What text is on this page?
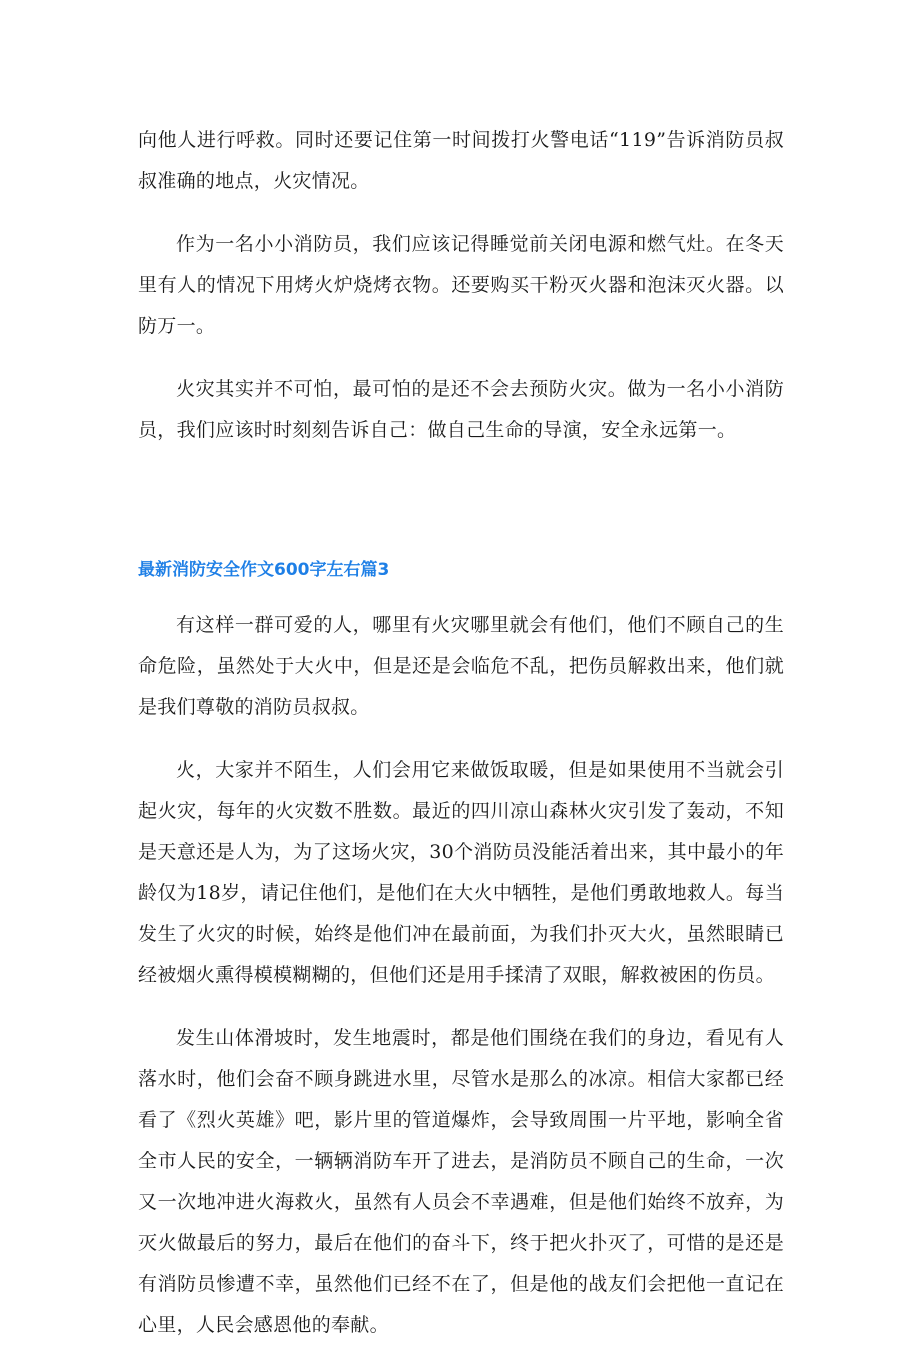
向他人进行呼救。同时还要记住第一时间拨打火警电话“119”告诉消防员叔叔准确的地点，火灾情况。

作为一名小小消防员，我们应该记得睡觉前关闭电源和燃气灶。在冬天里有人的情况下用烤火炉烧烤衣物。还要购买干粉灭火器和泡沫灭火器。以防万一。

火灾其实并不可怕，最可怕的是还不会去预防火灾。做为一名小小消防员，我们应该时时刻刻告诉自己：做自己生命的导演，安全永远第一。

最新消防安全作文600字左右篇3

有这样一群可爱的人，哪里有火灾哪里就会有他们，他们不顾自己的生命危险，虽然处于大火中，但是还是会临危不乱，把伤员解救出来，他们就是我们尊敬的消防员叔叔。

火，大家并不陌生，人们会用它来做饭取暖，但是如果使用不当就会引起火灾，每年的火灾数不胜数。最近的四川凉山森林火灾引发了轰动，不知是天意还是人为，为了这场火灾，30个消防员没能活着出来，其中最小的年龄仅为18岁，请记住他们，是他们在大火中牺牲，是他们勇敢地救人。每当发生了火灾的时候，始终是他们冲在最前面，为我们扑灭大火，虽然眼睛已经被烟火熏得模模糊糊的，但他们还是用手揉清了双眼，解救被困的伤员。

发生山体滑坡时，发生地震时，都是他们围绕在我们的身边，看见有人落水时，他们会奋不顾身跳进水里，尽管水是那么的冰凉。相信大家都已经看了《烈火英雄》吧，影片里的管道爆炸，会导致周围一片平地，影响全省全市人民的安全，一辆辆消防车开了进去，是消防员不顾自己的生命，一次又一次地冲进火海救火，虽然有人员会不幸遇难，但是他们始终不放弃，为灭火做最后的努力，最后在他们的奋斗下，终于把火扑灭了，可惜的是还是有消防员惨遭不幸，虽然他们已经不在了，但是他的战友们会把他一直记在心里，人民会感恩他的奉献。
